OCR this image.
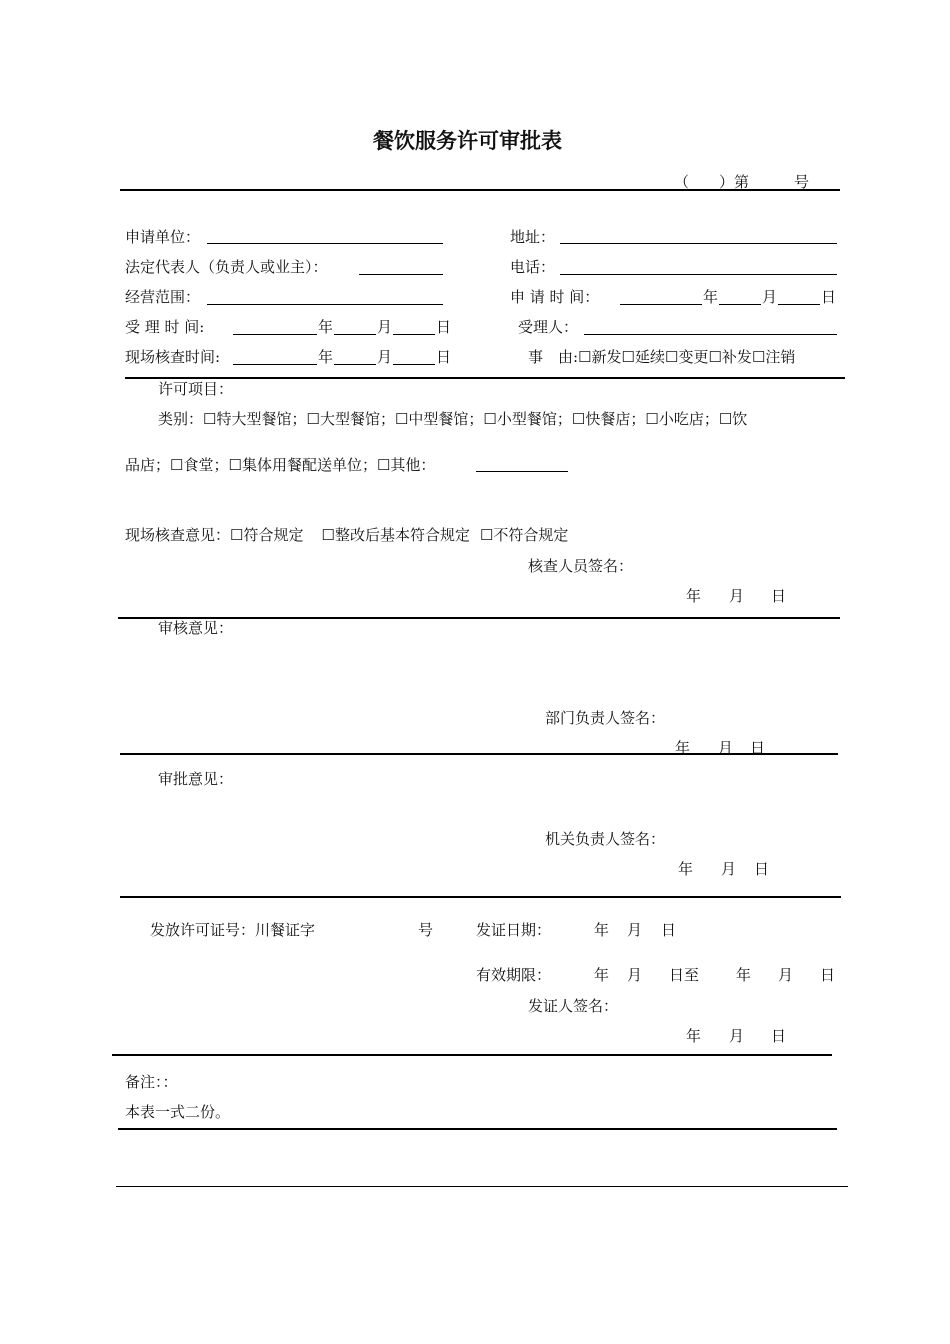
餐饮服务许可审批表
（　　）第　　　号
申请单位：	地址：
法定代表人（负责人或业主）：	电话：
经营范围：	申 请 时 间：	年	月	日
受 理 时 间:	年	月	日	受理人：
现场核查时间:	年	月	日	事　由:☐新发☐延续☐变更☐补发☐注销
许可项目：
类别：☐特大型餐馆；☐大型餐馆；☐中型餐馆；☐小型餐馆；☐快餐店；☐小吃店；☐饮
品店；☐食堂；☐集体用餐配送单位；☐其他：
现场核查意见：☐符合规定 ☐整改后基本符合规定 ☐不符合规定
核查人员签名：
年 月 日
审核意见：
部门负责人签名：
年 月 日
审批意见：
机关负责人签名：
年 月 日
发放许可证号：川餐证字	号	发证日期：	年 月 日
有效期限：	年 月 日至 年 月 日
发证人签名：
年 月 日
备注：：
本表一式二份。
